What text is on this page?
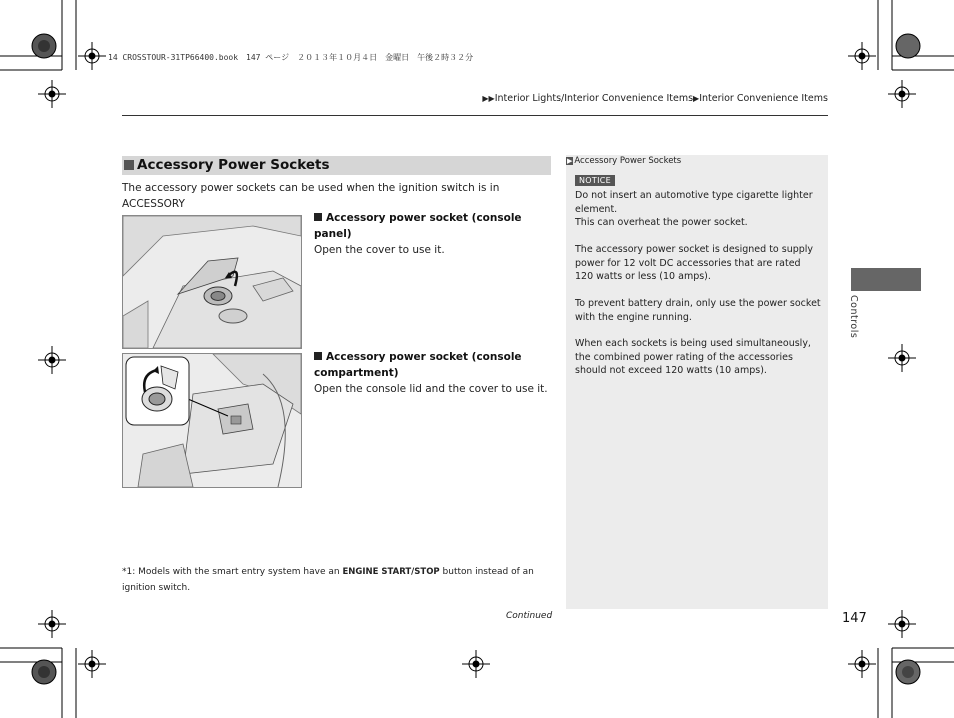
14 CROSSTOUR-31TP66400.book　147 ページ　２０１３年１０月４日　金曜日　午後２時３２分
▶▶Interior Lights/Interior Convenience Items▶Interior Convenience Items
Accessory Power Sockets
The accessory power sockets can be used when the ignition switch is in ACCESSORY

Accessory power socket (console panel)
Open the cover to use it.
Accessory power socket (console compartment)
Open the console lid and the cover to use it.
*1: Models with the smart entry system have an ENGINE START/STOP button instead of an ignition switch.
Continued
▶ Accessory Power Sockets
NOTICE
Do not insert an automotive type cigarette lighter element.
This can overheat the power socket.
The accessory power socket is designed to supply power for 12 volt DC accessories that are rated 120 watts or less (10 amps).
To prevent battery drain, only use the power socket with the engine running.
When each sockets is being used simultaneously, the combined power rating of the accessories should not exceed 120 watts (10 amps).
Controls
147
